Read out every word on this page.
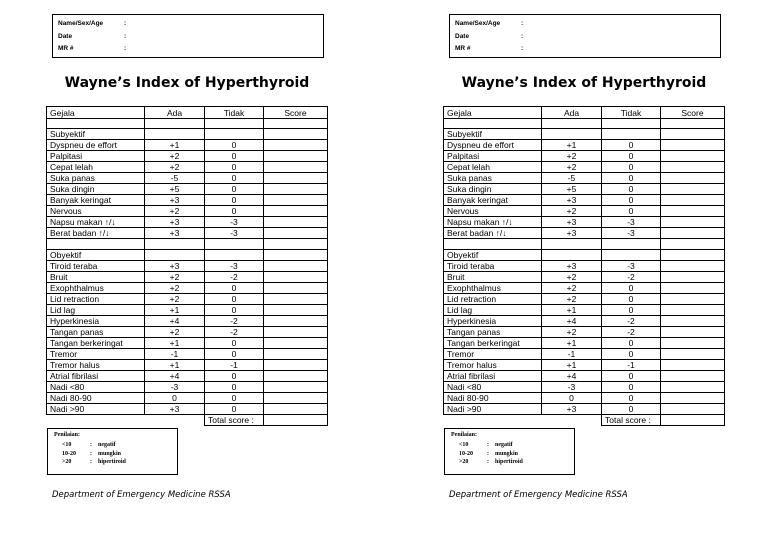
Name/Sex/Age	:
Date	:
MR #	:
Wayne’s Index of Hyperthyroid
Gejala	Ada	Tidak	Score

Subyektif			
Dyspneu de effort	+1	0	
Palpitasi	+2	0	
Cepat lelah	+2	0	
Suka panas	-5	0	
Suka dingin	+5	0	
Banyak keringat	+3	0	
Nervous	+2	0	
Napsu makan ↑/↓	+3	-3	
Berat badan ↑/↓	+3	-3	

Obyektif			
Tiroid teraba	+3	-3	
Bruit	+2	-2	
Exophthalmus	+2	0	
Lid retraction	+2	0	
Lid lag	+1	0	
Hyperkinesia	+4	-2	
Tangan panas	+2	-2	
Tangan berkeringat	+1	0	
Tremor	-1	0	
Tremor halus	+1	-1	
Atrial fibrilasi	+4	0	
Nadi <80	-3	0	
Nadi 80-90	0	0	
Nadi >90	+3	0	
		Total score :	
Penilaian:
<10	:	negatif
10-20	:	mungkin
>20	:	hipertiroid
Department of Emergency Medicine RSSA
Name/Sex/Age	:
Date	:
MR #	:
Wayne’s Index of Hyperthyroid
Gejala	Ada	Tidak	Score

Subyektif			
Dyspneu de effort	+1	0	
Palpitasi	+2	0	
Cepat lelah	+2	0	
Suka panas	-5	0	
Suka dingin	+5	0	
Banyak keringat	+3	0	
Nervous	+2	0	
Napsu makan ↑/↓	+3	-3	
Berat badan ↑/↓	+3	-3	

Obyektif			
Tiroid teraba	+3	-3	
Bruit	+2	-2	
Exophthalmus	+2	0	
Lid retraction	+2	0	
Lid lag	+1	0	
Hyperkinesia	+4	-2	
Tangan panas	+2	-2	
Tangan berkeringat	+1	0	
Tremor	-1	0	
Tremor halus	+1	-1	
Atrial fibrilasi	+4	0	
Nadi <80	-3	0	
Nadi 80-90	0	0	
Nadi >90	+3	0	
		Total score :	
Penilaian:
<10	:	negatif
10-20	:	mungkin
>20	:	hipertiroid
Department of Emergency Medicine RSSA
